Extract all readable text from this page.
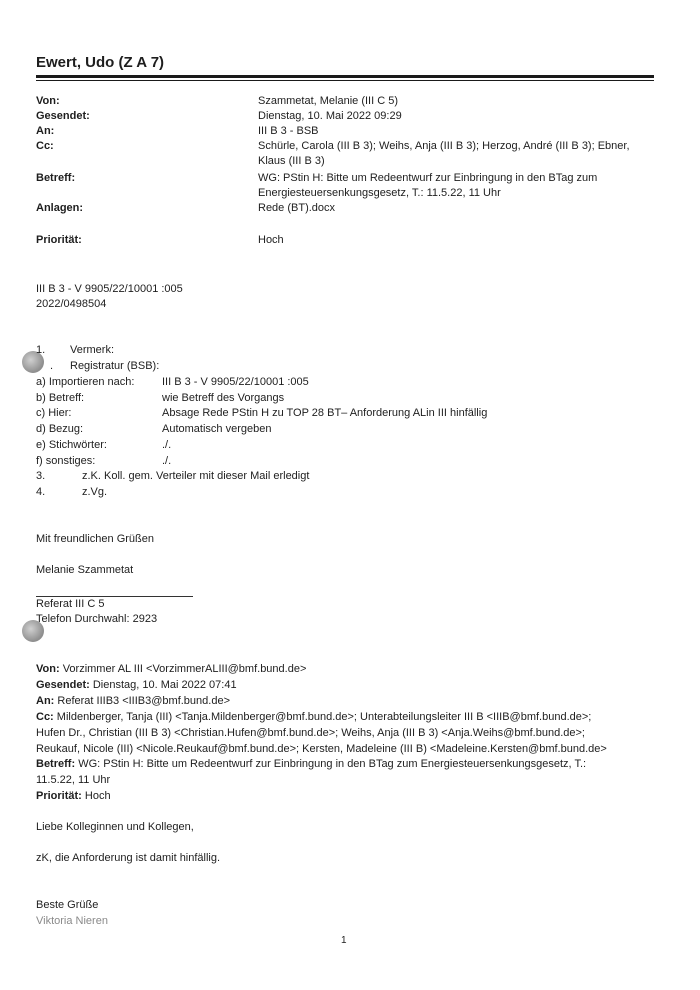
Ewert, Udo (Z A 7)
Von:	Szammetat, Melanie (III C 5)
Gesendet:	Dienstag, 10. Mai 2022 09:29
An:	III B 3 - BSB
Cc:	Schürle, Carola (III B 3); Weihs, Anja (III B 3); Herzog, André (III B 3); Ebner,
Klaus (III B 3)
Betreff:	WG: PStin H: Bitte um Redeentwurf zur Einbringung in den BTag zum
Energiesteuersenkungsgesetz, T.: 11.5.22, 11 Uhr
Anlagen:	Rede (BT).docx
Priorität:	Hoch
III B 3 - V 9905/22/10001 :005
2022/0498504
1. Vermerk:
. Registratur (BSB):
a) Importieren nach:	III B 3 - V 9905/22/10001 :005
b) Betreff:	wie Betreff des Vorgangs
c) Hier:	Absage Rede PStin H zu TOP 28 BT– Anforderung ALin III hinfällig
d) Bezug:	Automatisch vergeben
e) Stichwörter:	./.
f) sonstiges:	./.
3.	z.K. Koll. gem. Verteiler mit dieser Mail erledigt
4.	z.Vg.
Mit freundlichen Grüßen
Melanie Szammetat
Referat III C 5
Telefon Durchwahl: 2923
Von: Vorzimmer AL III <VorzimmerALIII@bmf.bund.de>
Gesendet: Dienstag, 10. Mai 2022 07:41
An: Referat IIIB3 <IIIB3@bmf.bund.de>
Cc: Mildenberger, Tanja (III) <Tanja.Mildenberger@bmf.bund.de>; Unterabteilungsleiter III B <IIIB@bmf.bund.de>;
Hufen Dr., Christian (III B 3) <Christian.Hufen@bmf.bund.de>; Weihs, Anja (III B 3) <Anja.Weihs@bmf.bund.de>;
Reukauf, Nicole (III) <Nicole.Reukauf@bmf.bund.de>; Kersten, Madeleine (III B) <Madeleine.Kersten@bmf.bund.de>
Betreff: WG: PStin H: Bitte um Redeentwurf zur Einbringung in den BTag zum Energiesteuersenkungsgesetz, T.:
11.5.22, 11 Uhr
Priorität: Hoch
Liebe Kolleginnen und Kollegen,
zK, die Anforderung ist damit hinfällig.
Beste Grüße
Viktoria Nieren
1
